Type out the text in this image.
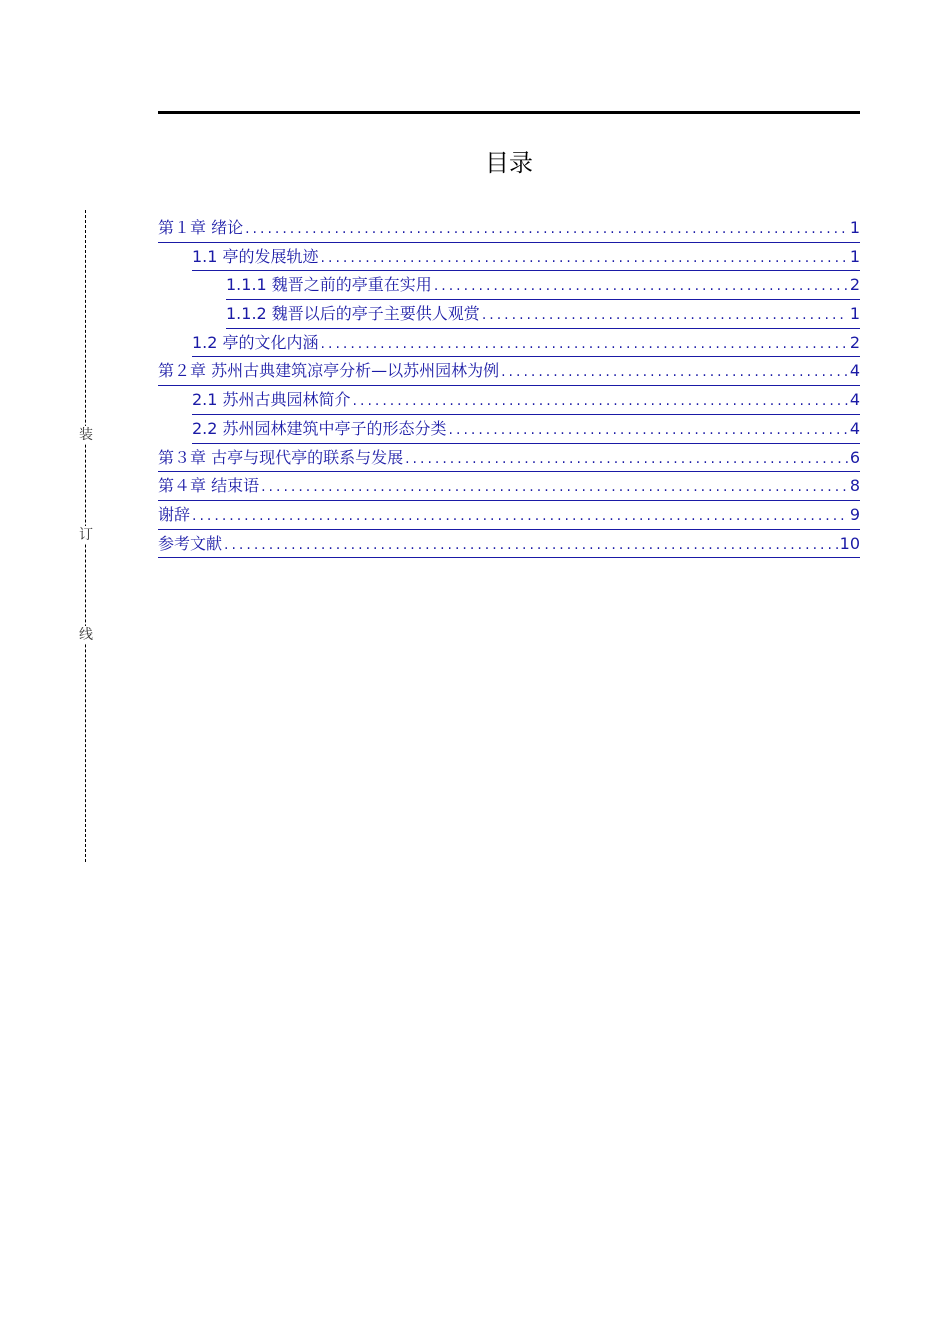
目录
装
订
线
第１章 绪论 .....	1
1.1 亭的发展轨迹 .....	1
1.1.1 魏晋之前的亭重在实用 .....	2
1.1.2 魏晋以后的亭子主要供人观赏 .....	1
1.2 亭的文化内涵 .....	2
第２章 苏州古典建筑凉亭分析—以苏州园林为例 .....	4
2.1 苏州古典园林简介 .....	4
2.2 苏州园林建筑中亭子的形态分类 .....	4
第３章 古亭与现代亭的联系与发展 .....	6
第４章 结束语 .....	8
谢辞 .....	9
参考文献 .....	10
